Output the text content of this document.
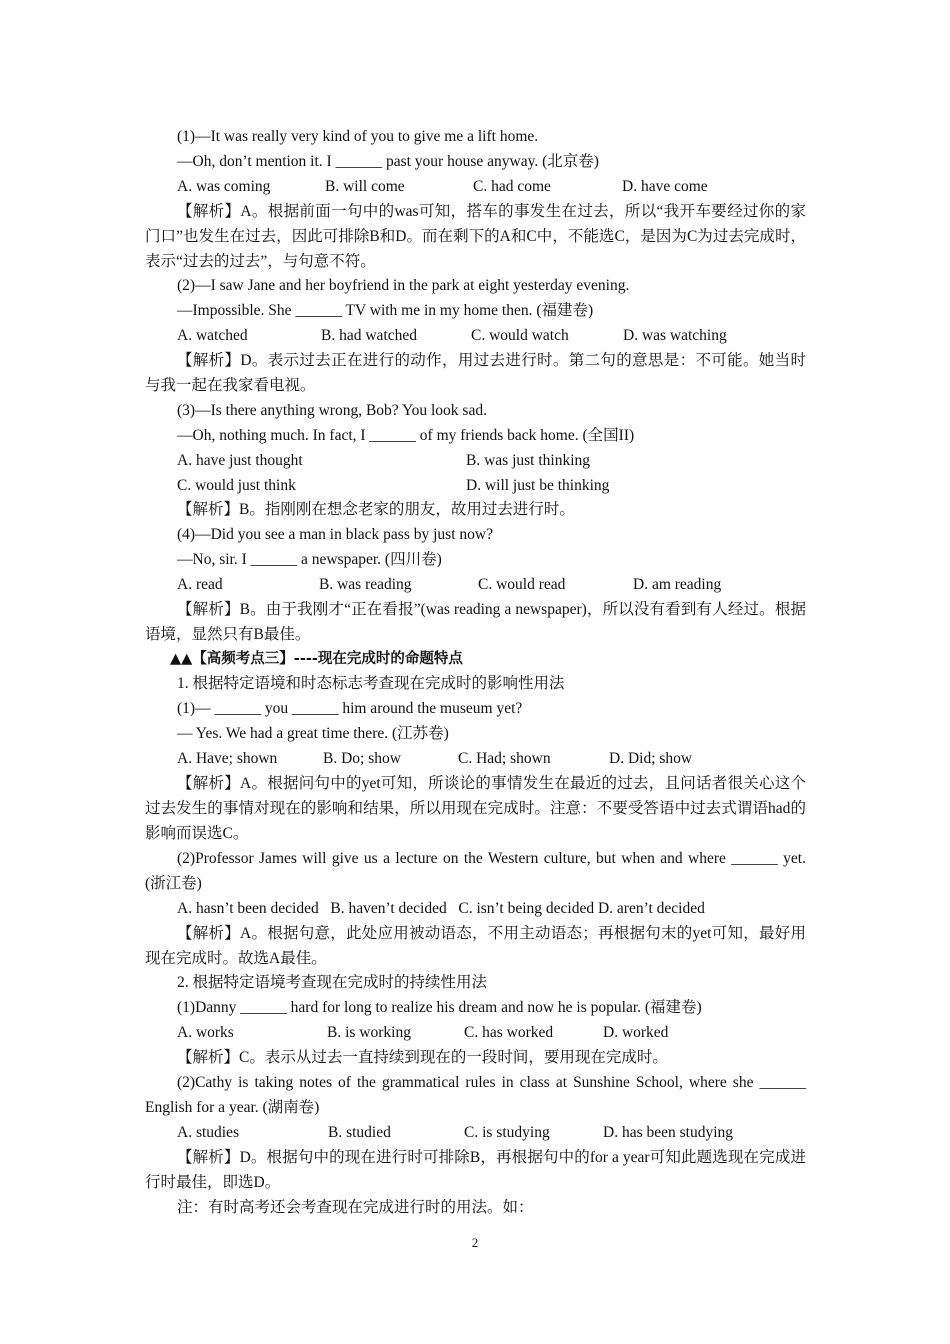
(1)—It was really very kind of you to give me a lift home.
—Oh, don’t mention it. I ______ past your house anyway. (北京卷)
A. was coming	B. will come	C. had come	D. have come
【解析】A。根据前面一句中的was可知，搭车的事发生在过去，所以“我开车要经过你的家门口”也发生在过去，因此可排除B和D。而在剩下的A和C中，不能选C，是因为C为过去完成时，表示“过去的过去”，与句意不符。
(2)—I saw Jane and her boyfriend in the park at eight yesterday evening.
—Impossible. She ______ TV with me in my home then. (福建卷)
A. watched	B. had watched	C. would watch	D. was watching
【解析】D。表示过去正在进行的动作，用过去进行时。第二句的意思是：不可能。她当时与我一起在我家看电视。
(3)—Is there anything wrong, Bob? You look sad.
—Oh, nothing much. In fact, I ______ of my friends back home. (全国II)
A. have just thought	B. was just thinking
C. would just think	D. will just be thinking
【解析】B。指刚刚在想念老家的朋友，故用过去进行时。
(4)—Did you see a man in black pass by just now?
—No, sir. I ______ a newspaper. (四川卷)
A. read	B. was reading	C. would read	D. am reading
【解析】B。由于我刚才“正在看报”(was reading a newspaper)，所以没有看到有人经过。根据语境，显然只有B最佳。
▲▲【高频考点三】----现在完成时的命题特点
1. 根据特定语境和时态标志考查现在完成时的影响性用法
(1)— ______ you ______ him around the museum yet?
— Yes. We had a great time there. (江苏卷)
A. Have; shown	B. Do; show	C. Had; shown	D. Did; show
【解析】A。根据问句中的yet可知，所谈论的事情发生在最近的过去，且问话者很关心这个过去发生的事情对现在的影响和结果，所以用现在完成时。注意：不要受答语中过去式谓语had的影响而误选C。
(2)Professor James will give us a lecture on the Western culture, but when and where ______ yet. (浙江卷)
A. hasn’t been decided   B. haven’t decided   C. isn’t being decided D. aren’t decided
【解析】A。根据句意，此处应用被动语态，不用主动语态；再根据句末的yet可知，最好用现在完成时。故选A最佳。
2. 根据特定语境考查现在完成时的持续性用法
(1)Danny ______ hard for long to realize his dream and now he is popular. (福建卷)
A. works	B. is working	C. has worked	D. worked
【解析】C。表示从过去一直持续到现在的一段时间，要用现在完成时。
(2)Cathy is taking notes of the grammatical rules in class at Sunshine School, where she ______ English for a year. (湖南卷)
A. studies	B. studied	C. is studying	D. has been studying
【解析】D。根据句中的现在进行时可排除B，再根据句中的for a year可知此题选现在完成进行时最佳，即选D。
注：有时高考还会考查现在完成进行时的用法。如：
2
